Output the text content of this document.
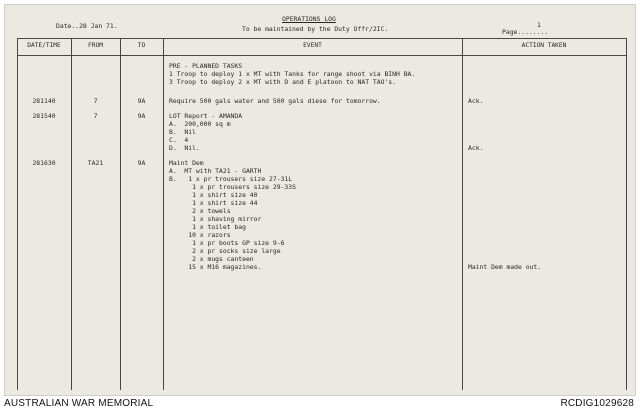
Date..28 Jan 71.
OPERATIONS LOG
To be maintained by the Duty Offr/2IC.	Page........
1
DATE/TIME	FROM	TO	EVENT	ACTION TAKEN
PRE - PLANNED TASKS
1 Troop to deploy 1 x MT with Tanks for range shoot via BINH BA.
3 Troop to deploy 2 x MT with D and E platoon to NAT TAO's.
281140	7	9A	Require 500 gals water and 500 gals diese for tomorrow.	Ack.
281540	7	9A	LOT Report - AMANDA
A.  200,000 sq m
B.  Nil
C.  4
D.  Nil.	Ack.
281630	TA21	9A	Maint Dem
A.  MT with TA21 - GARTH
B.   1 x pr trousers size 27-31L
1 x pr trousers size 29-33S
1 x shirt size 40
1 x shirt size 44
2 x towels
1 x shaving mirror
1 x toilet bag
10 x razors
1 x pr boots GP size 9-6
2 x pr socks size large
2 x mugs canteen
15 x M16 magazines.	Maint Dem made out.
AUSTRALIAN WAR MEMORIAL	RCDIG1029628
